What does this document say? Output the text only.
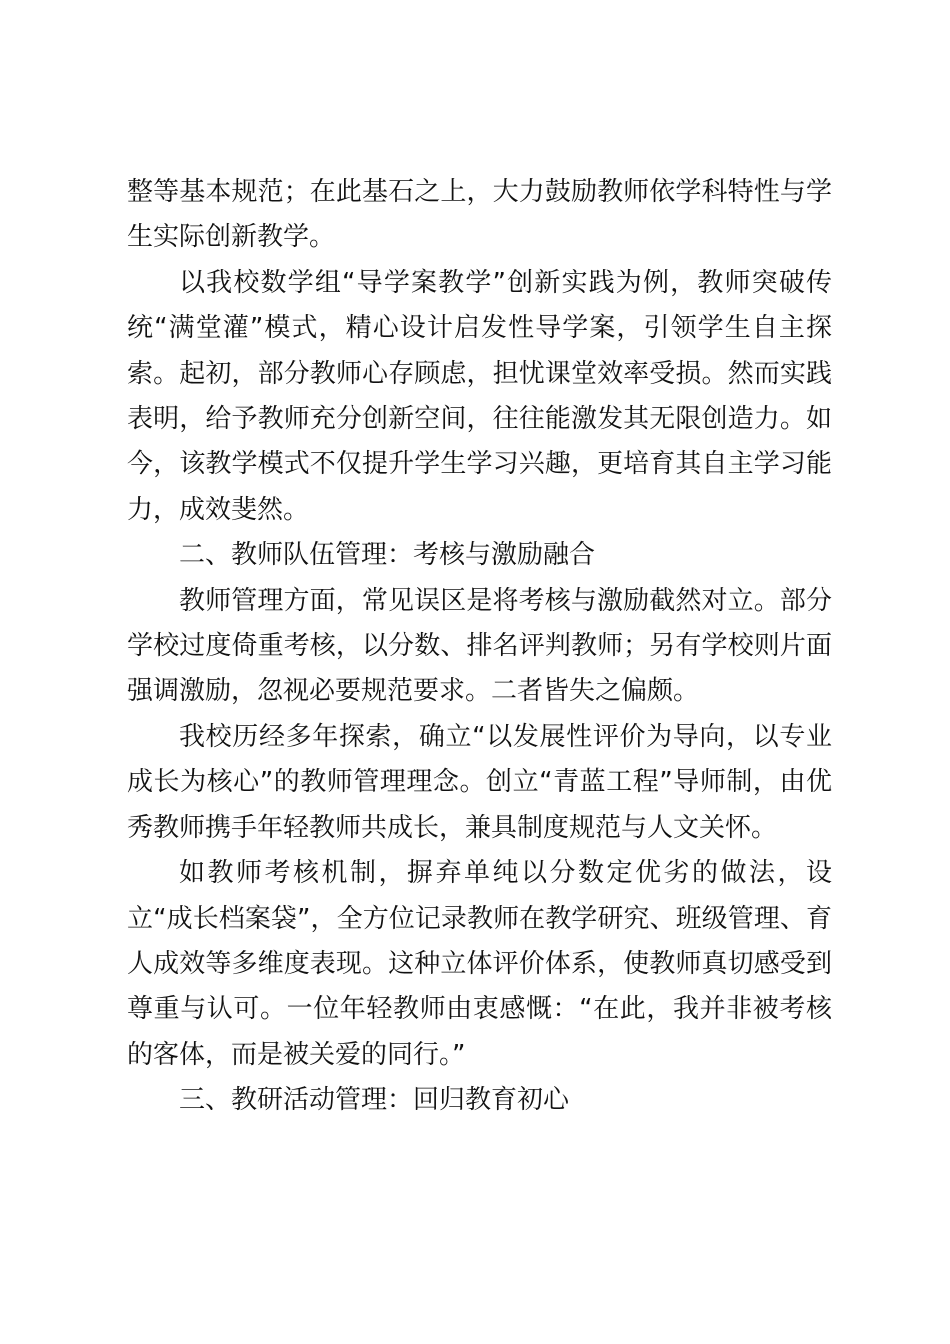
整等基本规范；在此基石之上，大力鼓励教师依学科特性与学生实际创新教学。

以我校数学组“导学案教学”创新实践为例，教师突破传统“满堂灌”模式，精心设计启发性导学案，引领学生自主探索。起初，部分教师心存顾虑，担忧课堂效率受损。然而实践表明，给予教师充分创新空间，往往能激发其无限创造力。如今，该教学模式不仅提升学生学习兴趣，更培育其自主学习能力，成效斐然。

二、教师队伍管理：考核与激励融合

教师管理方面，常见误区是将考核与激励截然对立。部分学校过度倚重考核，以分数、排名评判教师；另有学校则片面强调激励，忽视必要规范要求。二者皆失之偏颇。

我校历经多年探索，确立“以发展性评价为导向，以专业成长为核心”的教师管理理念。创立“青蓝工程”导师制，由优秀教师携手年轻教师共成长，兼具制度规范与人文关怀。

如教师考核机制，摒弃单纯以分数定优劣的做法，设立“成长档案袋”，全方位记录教师在教学研究、班级管理、育人成效等多维度表现。这种立体评价体系，使教师真切感受到尊重与认可。一位年轻教师由衷感慨：“在此，我并非被考核的客体，而是被关爱的同行。”

三、教研活动管理：回归教育初心
